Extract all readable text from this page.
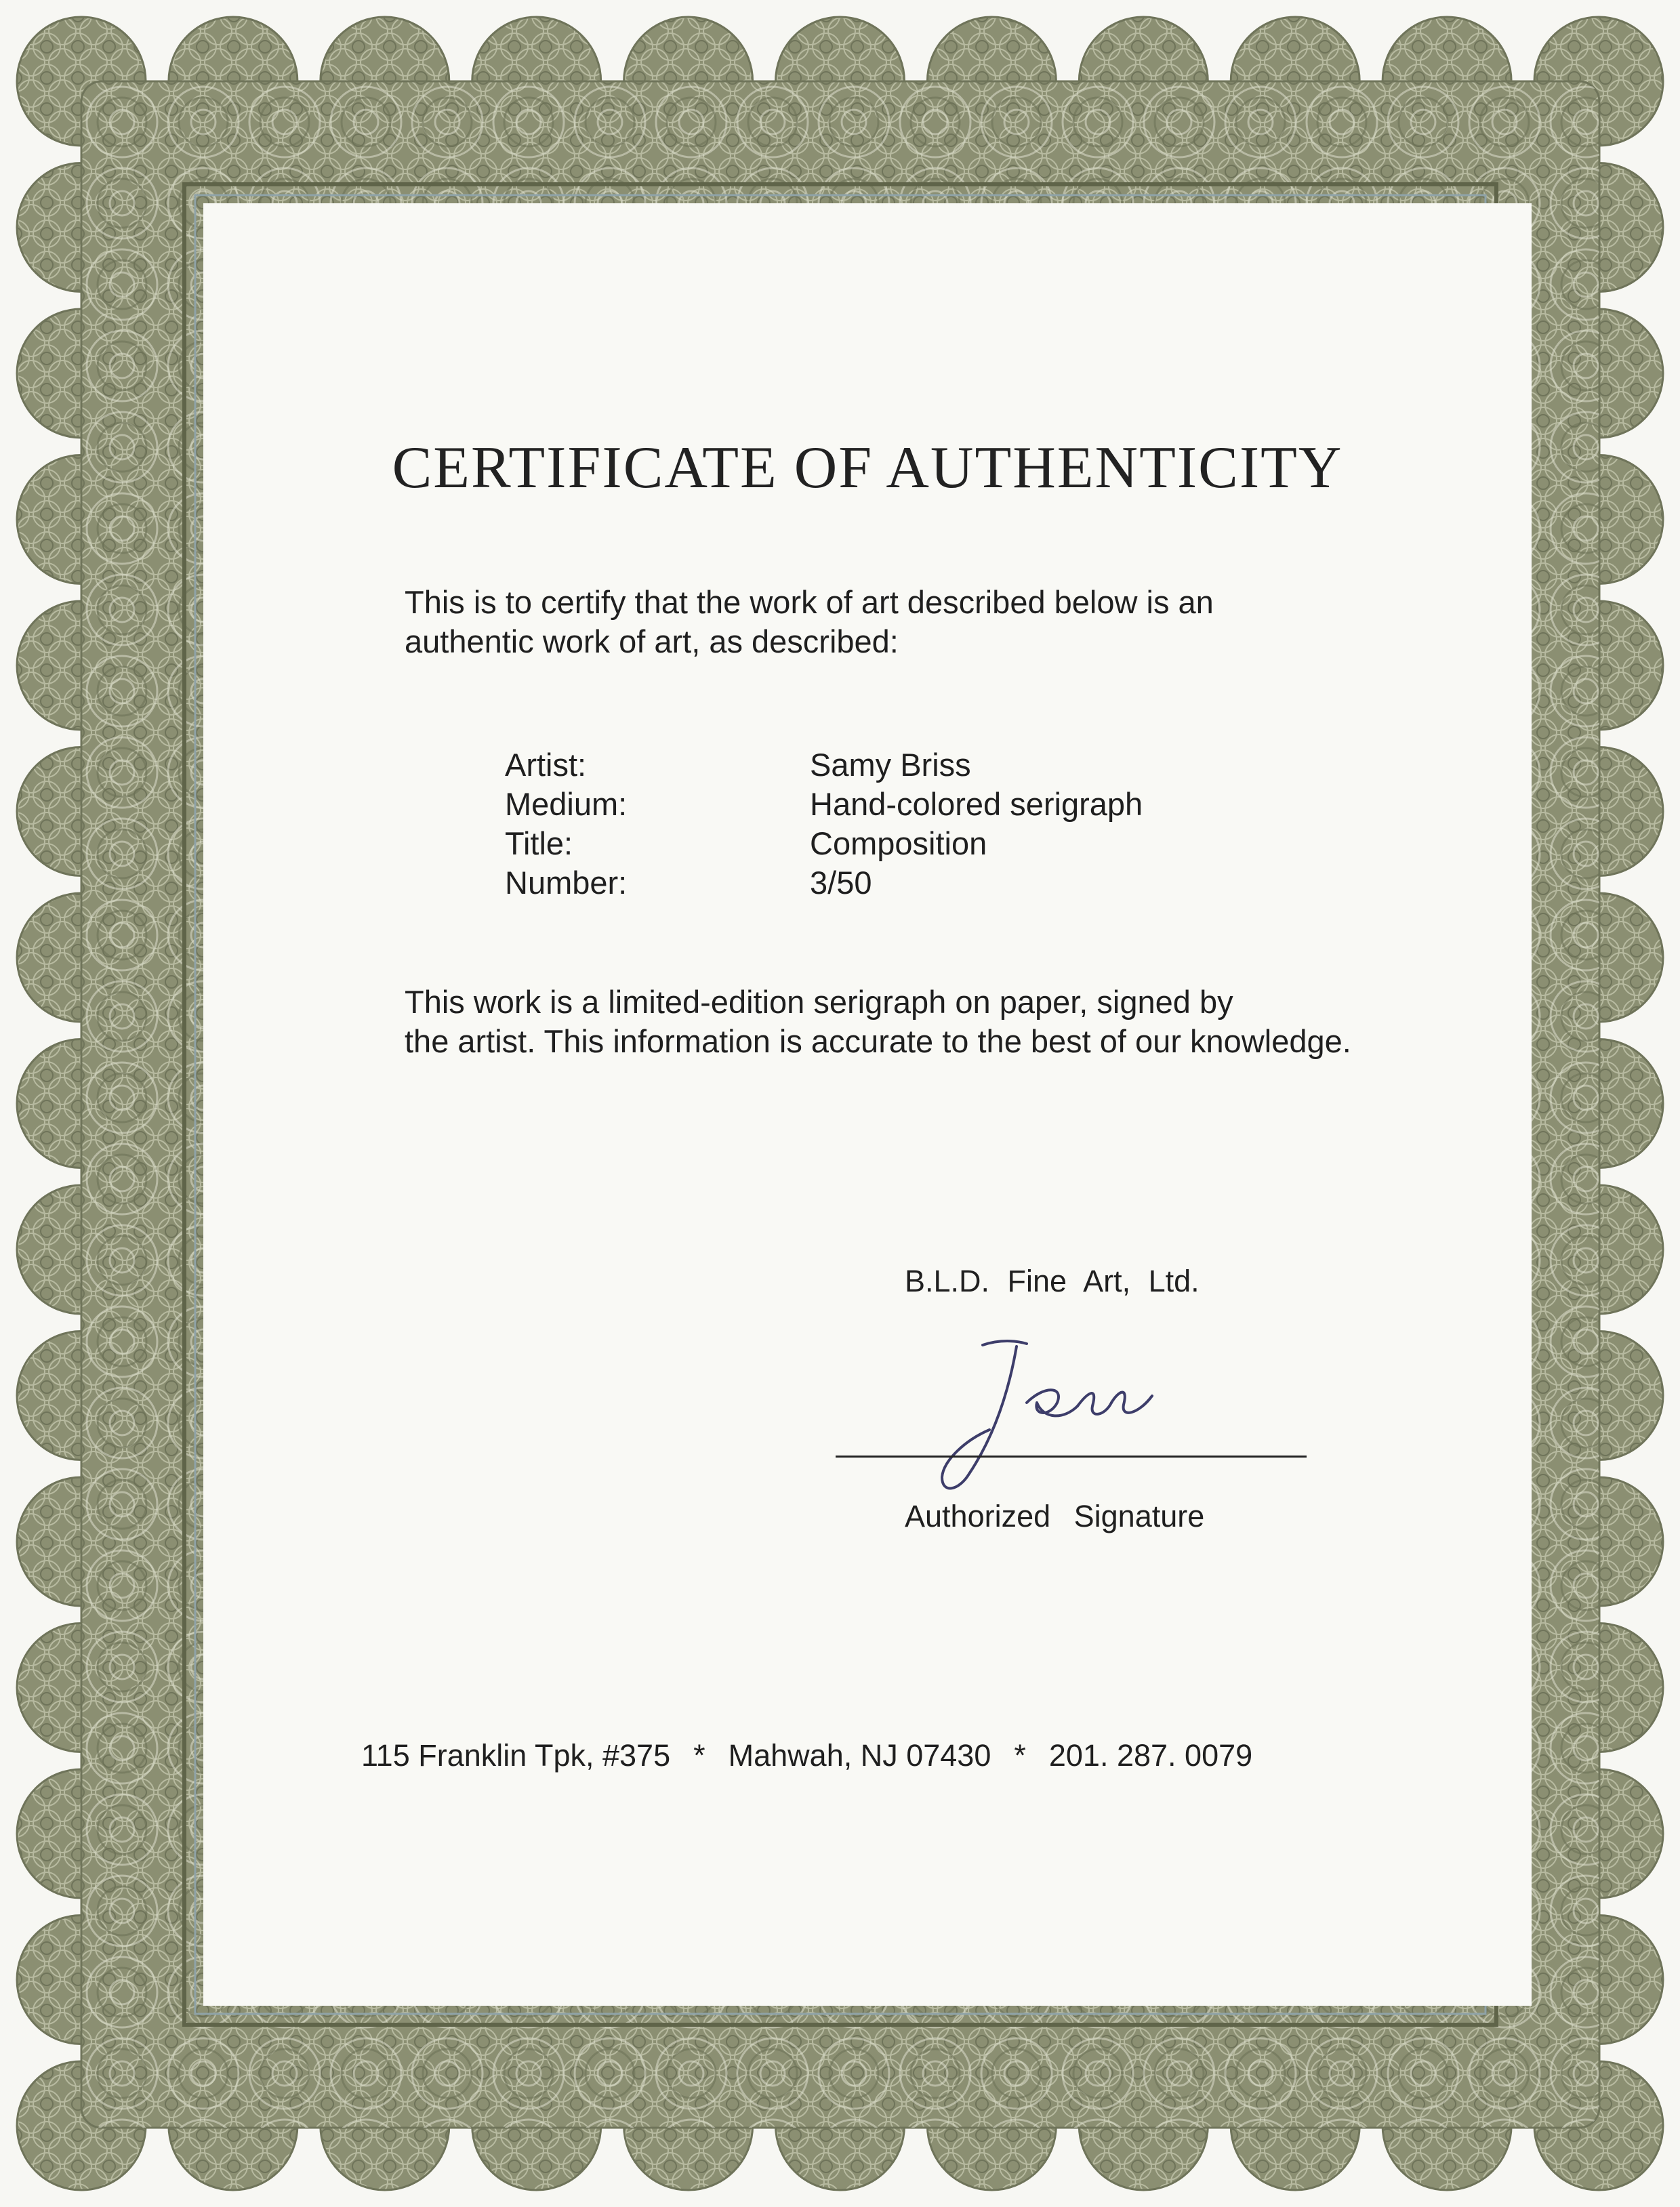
CERTIFICATE OF AUTHENTICITY
This is to certify that the work of art described below is an
authentic work of art, as described:
Artist:	Samy Briss
Medium:	Hand-colored serigraph
Title:	Composition
Number:	3/50
This work is a limited-edition serigraph on paper, signed by
the artist. This information is accurate to the best of our knowledge.
B.L.D. Fine Art, Ltd.
Authorized Signature
115 Franklin Tpk, #375 * Mahwah, NJ 07430 * 201. 287. 0079
